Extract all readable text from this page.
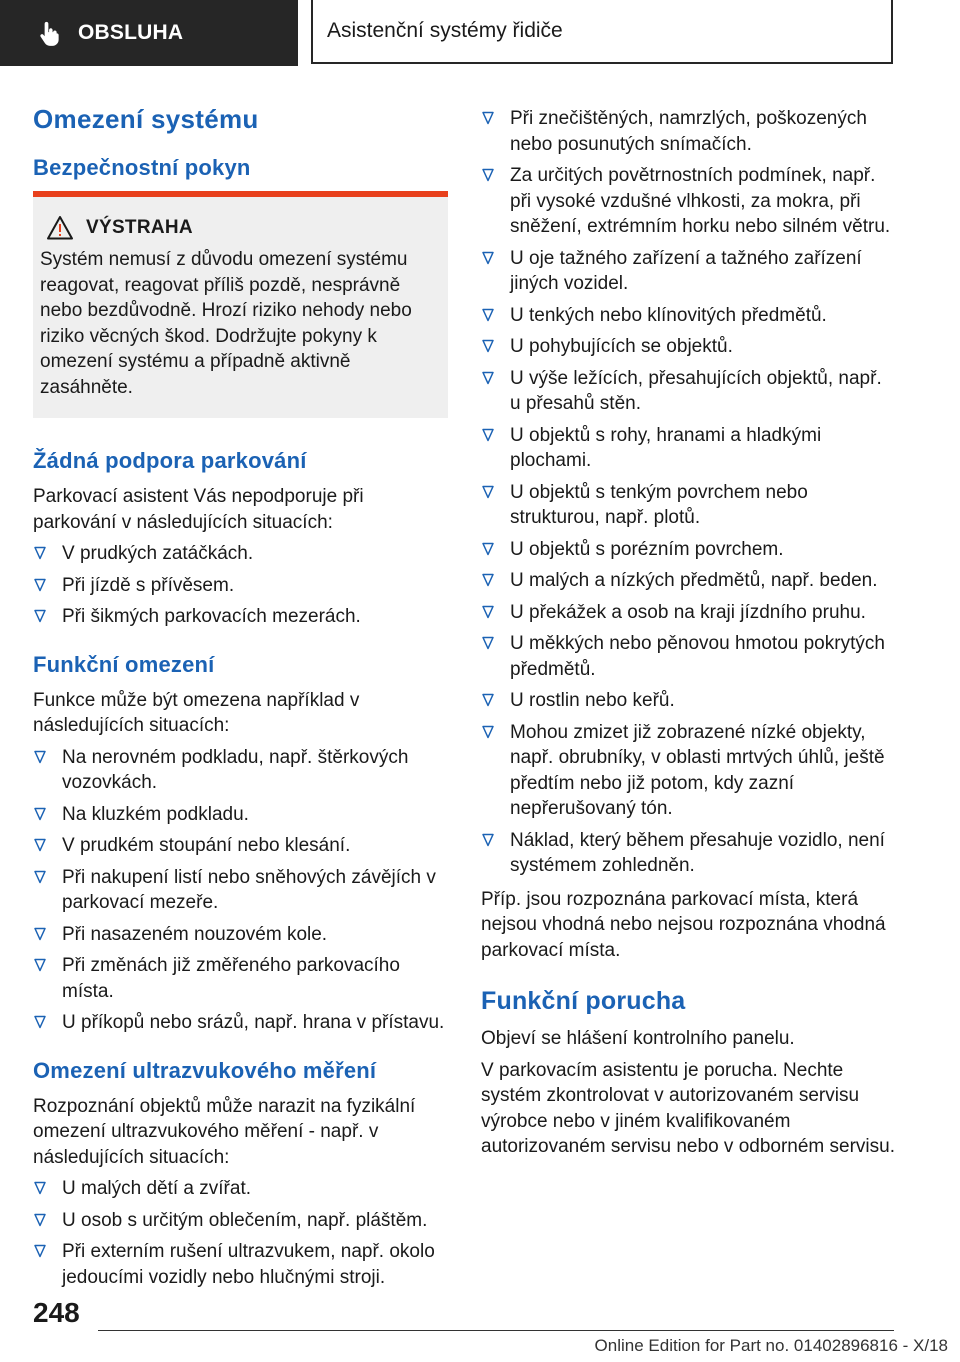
OBSLUHA	Asistenční systémy řidiče
Omezení systému
Bezpečnostní pokyn
VÝSTRAHA
Systém nemusí z důvodu omezení systému reagovat, reagovat příliš pozdě, nesprávně nebo bezdůvodně. Hrozí riziko nehody nebo riziko věcných škod. Dodržujte pokyny k omezení systému a případně aktivně zasáhněte.
Žádná podpora parkování

Parkovací asistent Vás nepodporuje při parkování v následujících situacích:

V prudkých zatáčkách.
Při jízdě s přívěsem.
Při šikmých parkovacích mezerách.
Funkční omezení

Funkce může být omezena například v následujících situacích:

Na nerovném podkladu, např. štěrkových vozovkách.
Na kluzkém podkladu.
V prudkém stoupání nebo klesání.
Při nakupení listí nebo sněhových závějích v parkovací mezeře.
Při nasazeném nouzovém kole.
Při změnách již změřeného parkovacího místa.
U příkopů nebo srázů, např. hrana v přístavu.
Omezení ultrazvukového měření

Rozpoznání objektů může narazit na fyzikální omezení ultrazvukového měření - např. v následujících situacích:

U malých dětí a zvířat.
U osob s určitým oblečením, např. pláštěm.
Při externím rušení ultrazvukem, např. okolo jedoucími vozidly nebo hlučnými stroji.
Při znečištěných, namrzlých, poškozených nebo posunutých snímačích.
Za určitých povětrnostních podmínek, např. při vysoké vzdušné vlhkosti, za mokra, při sněžení, extrémním horku nebo silném větru.
U oje tažného zařízení a tažného zařízení jiných vozidel.
U tenkých nebo klínovitých předmětů.
U pohybujících se objektů.
U výše ležících, přesahujících objektů, např. u přesahů stěn.
U objektů s rohy, hranami a hladkými plochami.
U objektů s tenkým povrchem nebo strukturou, např. plotů.
U objektů s porézním povrchem.
U malých a nízkých předmětů, např. beden.
U překážek a osob na kraji jízdního pruhu.
U měkkých nebo pěnovou hmotou pokrytých předmětů.
U rostlin nebo keřů.
Mohou zmizet již zobrazené nízké objekty, např. obrubníky, v oblasti mrtvých úhlů, ještě předtím nebo již potom, kdy zazní nepřerušovaný tón.
Náklad, který během přesahuje vozidlo, není systémem zohledněn.

Příp. jsou rozpoznána parkovací místa, která nejsou vhodná nebo nejsou rozpoznána vhodná parkovací místa.

Funkční porucha

Objeví se hlášení kontrolního panelu.

V parkovacím asistentu je porucha. Nechte systém zkontrolovat v autorizovaném servisu výrobce nebo v jiném kvalifikovaném autorizovaném servisu nebo v odborném servisu.

248
Online Edition for Part no. 01402896816 - X/18
